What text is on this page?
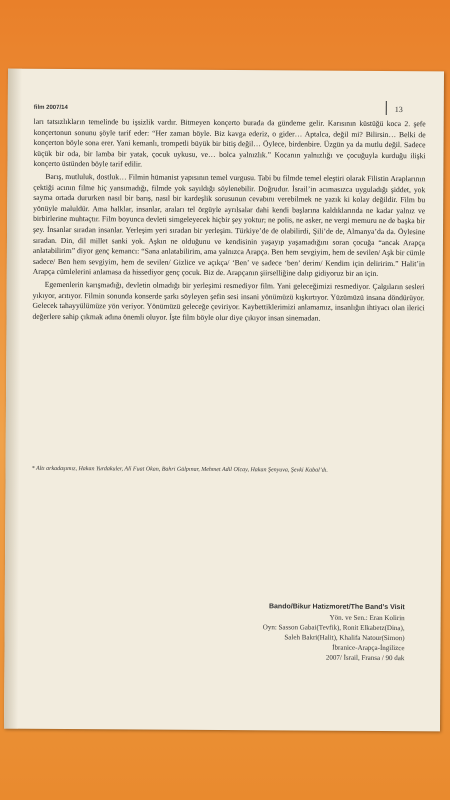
film 2007/14	13

ları tatsızlıkların temelinde bu işsizlik vardır. Bitmeyen konçerto burada da gündeme gelir. Karısının küstüğü koca 2. şefe konçertonun sonunu şöyle tarif eder: “Her zaman böyle. Biz kavga ederiz, o gider… Aptalca, değil mi? Bilirsin… Belki de konçerton böyle sona erer. Yani kemanlı, trompetli büyük bir bitiş değil… Öylece, birdenbire. Üzgün ya da mutlu değil. Sadece küçük bir oda, bir lamba bir yatak, çocuk uykusu, ve… bolca yalnızlık.” Kocanın yalnızlığı ve çocuğuyla kurduğu ilişki konçerto üstünden böyle tarif edilir.

Barış, mutluluk, dostluk… Filmin hümanist yapısının temel vurgusu. Tabi bu filmde temel eleştiri olarak Filistin Araplarının çektiği acının filme hiç yansımadığı, filmde yok sayıldığı söylenebilir. Doğrudur. İsrail’in acımasızca uyguladığı şiddet, yok sayma ortada dururken nasıl bir barış, nasıl bir kardeşlik sorusunun cevabını verebilmek ne yazık ki kolay değildir. Film bu yönüyle maluldür. Ama halklar, insanlar, araları tel örgüyle ayrılsalar dahi kendi başlarına kaldıklarında ne kadar yalnız ve birbirlerine muhtaçtır. Film boyunca devleti simgeleyecek hiçbir şey yoktur; ne polis, ne asker, ne vergi memuru ne de başka bir şey. İnsanlar sıradan insanlar. Yerleşim yeri sıradan bir yerleşim. Türkiye’de de olabilirdi, Şili’de de, Almanya’da da. Öylesine sıradan. Din, dil millet sanki yok. Aşkın ne olduğunu ve kendisinin yaşayıp yaşamadığını soran çocuğa “ancak Arapça anlatabilirim” diyor genç kemancı: “Sana anlatabilirim, ama yalnızca Arapça. Ben hem sevgiyim, hem de sevilen/ Aşk bir cümle sadece/ Ben hem sevgiyim, hem de sevilen/ Gizlice ve açıkça/ ‘Ben’ ve sadece ‘ben’ derim/ Kendim için deliririm.” Halit’in Arapça cümlelerini anlamasa da hissediyor genç çocuk. Biz de. Arapçanın şiirselliğine dalıp gidiyoruz bir an için.

Egemenlerin karışmadığı, devletin olmadığı bir yerleşimi resmediyor film. Yani geleceğimizi resmediyor. Çalgıların sesleri yıkıyor, arıtıyor. Filmin sonunda konserde şarkı söyleyen şefin sesi insani yönümüzü kışkırtıyor. Yüzümüzü insana döndürüyor. Gelecek tahayyülümüze yön veriyor. Yönümüzü geleceğe çeviriyor. Kaybettiklerimizi anlamamız, insanlığın ihtiyacı olan ilerici değerlere sahip çıkmak adına önemli oluyor. İşte film böyle olur diye çıkıyor insan sinemadan.

* Altı arkadaşımız, Hakan Yurdakuler, Ali Fuat Okan, Bahri Gülpınar, Mehmet Adil Olcay, Hakan Şenyuva, Şevki Kabal’dı.
Bando/Bikur Hatizmoret/The Band’s Visit
Yön. ve Sen.: Eran Kolirin
Oyn: Sasson Gabai(Tevfik), Ronit Elkabetz(Dina),
Saleh Bakri(Halit), Khalifa Natour(Simon)
İbranice-Arapça-İngilizce
2007/ İsrail, Fransa / 90 dak
